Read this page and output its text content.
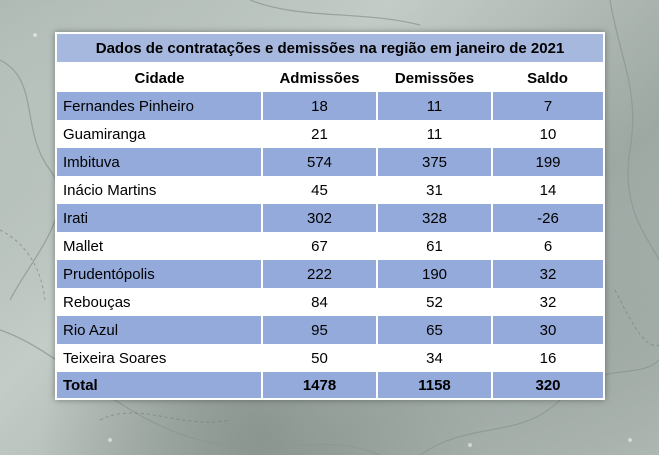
Dados de contratações e demissões na região em janeiro de 2021			
Cidade	Admissões	Demissões	Saldo
Fernandes Pinheiro	18	11	7
Guamiranga	21	11	10
Imbituva	574	375	199
Inácio Martins	45	31	14
Irati	302	328	-26
Mallet	67	61	6
Prudentópolis	222	190	32
Rebouças	84	52	32
Rio Azul	95	65	30
Teixeira Soares	50	34	16
Total	1478	1158	320
